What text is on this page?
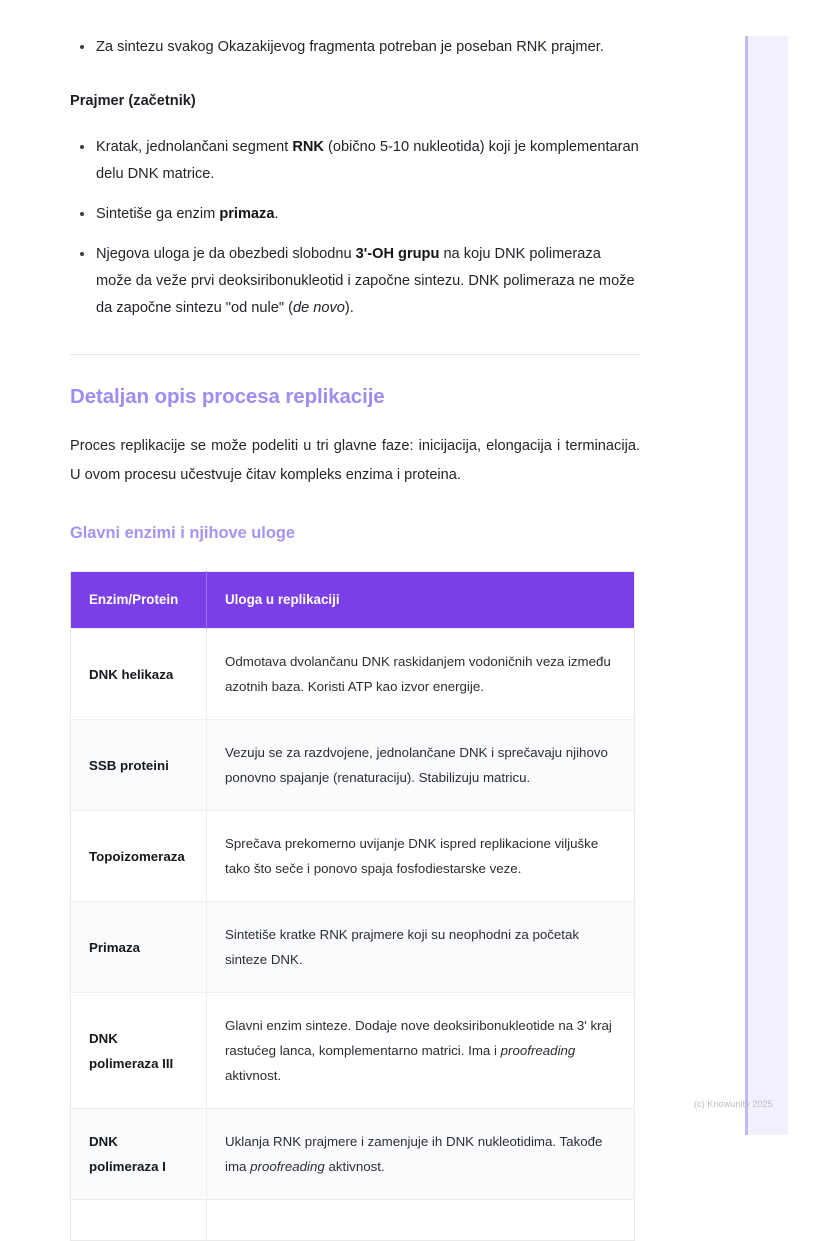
Za sintezu svakog Okazakijevog fragmenta potreban je poseban RNK prajmer.
Prajmer (začetnik)
Kratak, jednolančani segment RNK (obično 5-10 nukleotida) koji je komplementaran delu DNK matrice.
Sintetiše ga enzim primaza.
Njegova uloga je da obezbedi slobodnu 3'-OH grupu na koju DNK polimeraza može da veže prvi deoksiribonukleotid i započne sintezu. DNK polimeraza ne može da započne sintezu "od nule" (de novo).
Detaljan opis procesa replikacije

Proces replikacije se može podeliti u tri glavne faze: inicijacija, elongacija i terminacija. U ovom procesu učestvuje čitav kompleks enzima i proteina.

Glavni enzimi i njihove uloge
Enzim/Protein	Uloga u replikaciji
DNK helikaza	Odmotava dvolančanu DNK raskidanjem vodoničnih veza između azotnih baza. Koristi ATP kao izvor energije.
SSB proteini	Vezuju se za razdvojene, jednolančane DNK i sprečavaju njihovo ponovno spajanje (renaturaciju). Stabilizuju matricu.
Topoizomeraza	Sprečava prekomerno uvijanje DNK ispred replikacione viljuške tako što seče i ponovo spaja fosfodiestarske veze.
Primaza	Sintetiše kratke RNK prajmere koji su neophodni za početak sinteze DNK.
DNK polimeraza III	Glavni enzim sinteze. Dodaje nove deoksiribonukleotide na 3' kraj rastućeg lanca, komplementarno matrici. Ima i proofreading aktivnost.
DNK polimeraza I	Uklanja RNK prajmere i zamenjuje ih DNK nukleotidima. Takođe ima proofreading aktivnost.

(c) Knowunity 2025
